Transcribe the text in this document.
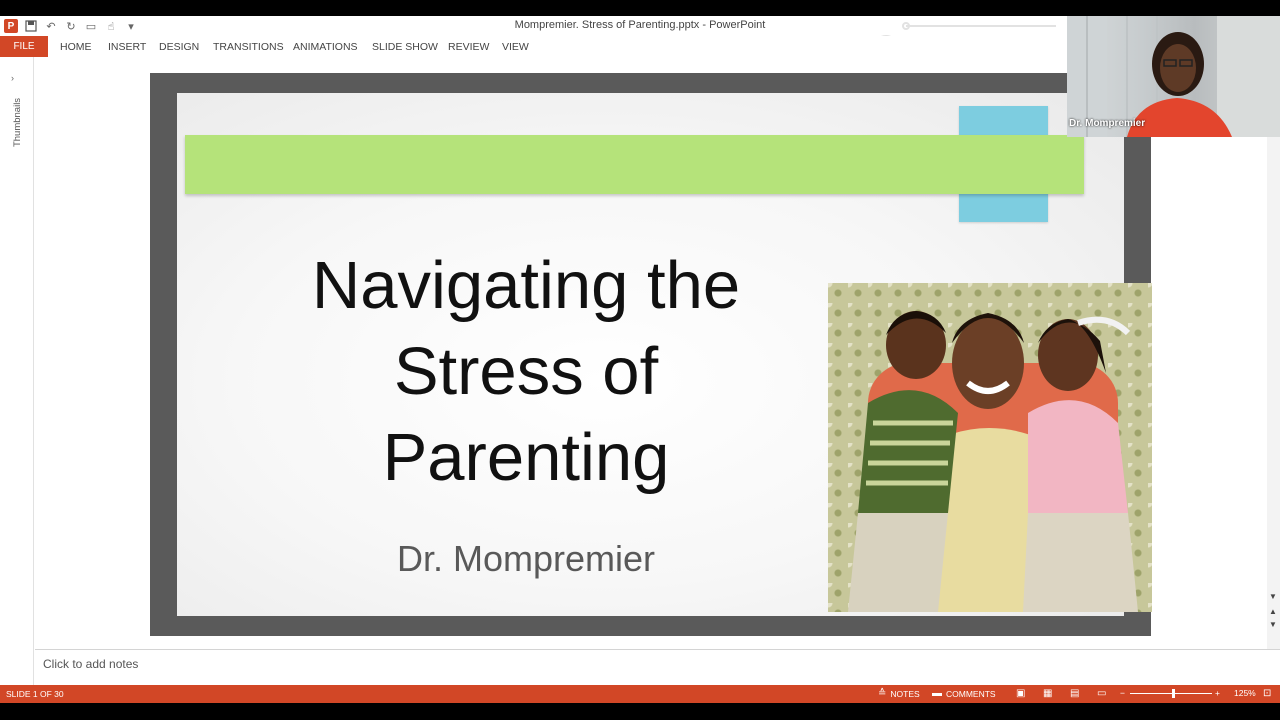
P	↶ ↻ ▭	☝	▾	Mompremier. Stress of Parenting.pptx - PowerPoint
FILE	HOME INSERT DESIGN TRANSITIONS ANIMATIONS SLIDE SHOW REVIEW VIEW
›
Thumbnails
▼
▲
▼
Navigating the
Stress of
Parenting
Dr. Mompremier
Click to add notes
Dr. Mompremier
SLIDE 1 OF 30	≙ NOTES ▬ COMMENTS ▣ ▦ ▤ ▭ −	+ 125% ⊡
